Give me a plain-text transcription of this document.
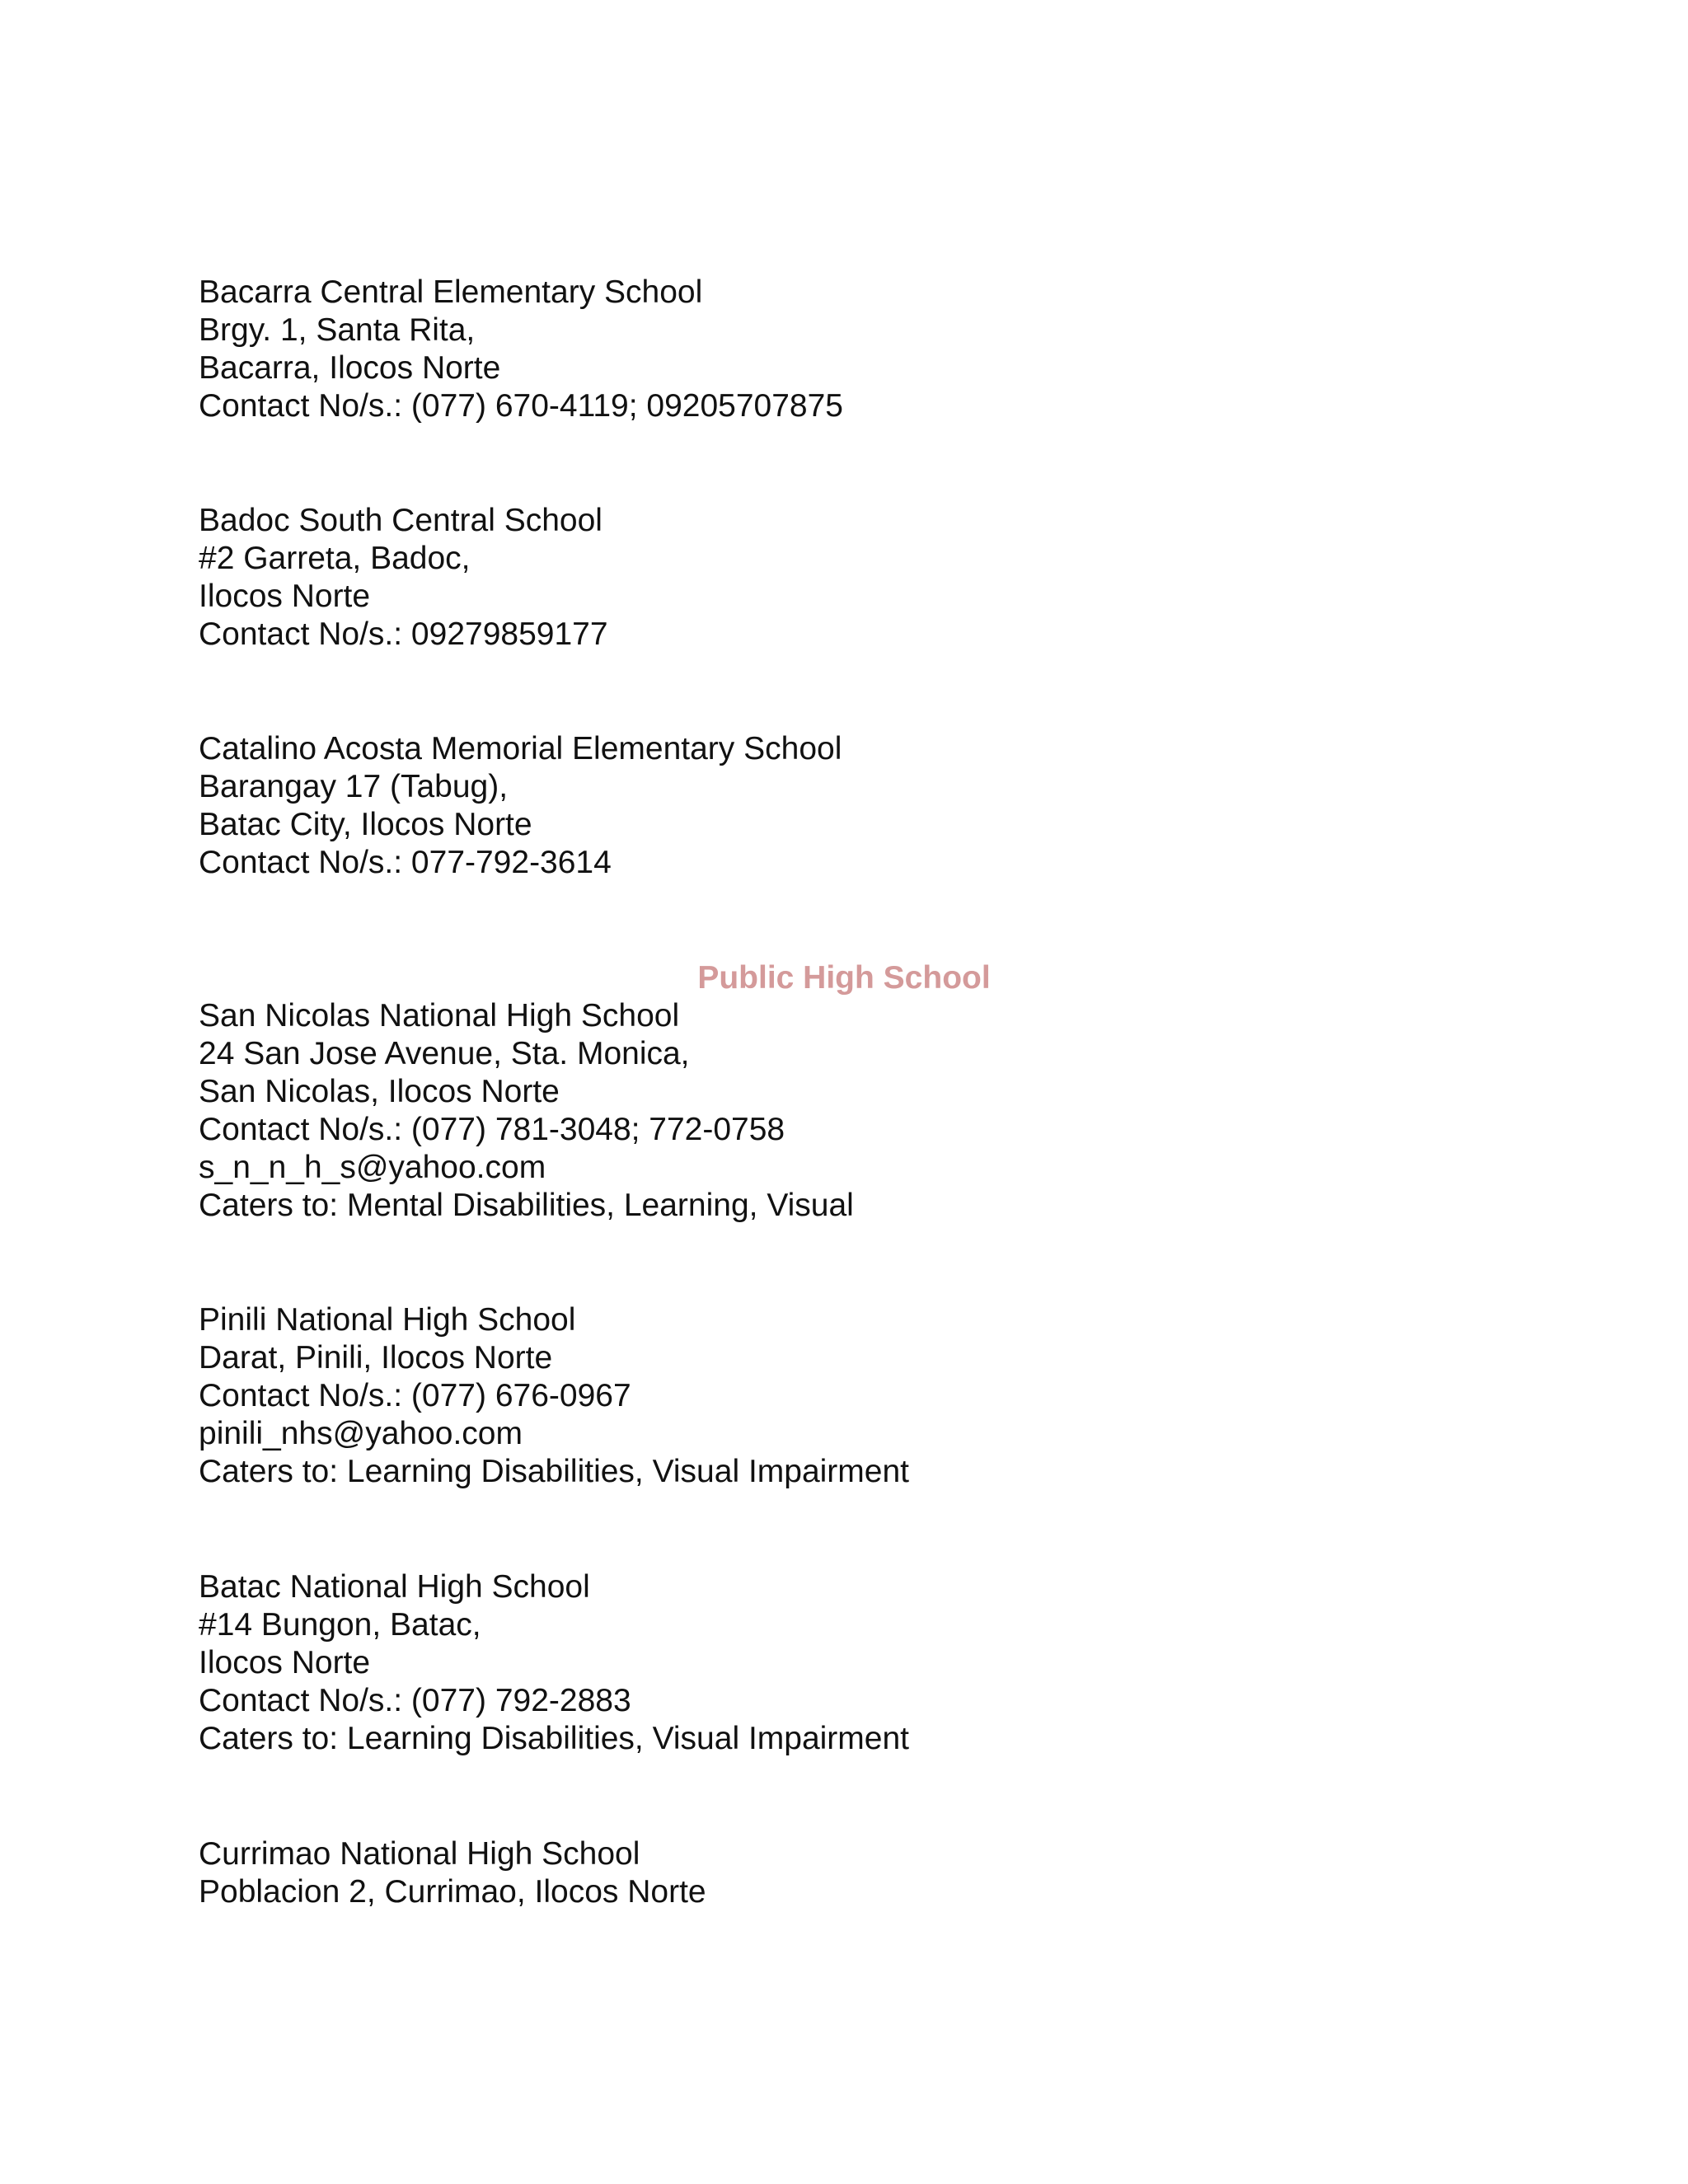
Bacarra Central Elementary School
Brgy. 1, Santa Rita,
Bacarra, Ilocos Norte
Contact No/s.: (077) 670-4119; 09205707875
Badoc South Central School
#2 Garreta, Badoc,
Ilocos Norte
Contact No/s.: 09279859177
Catalino Acosta Memorial Elementary School
Barangay 17 (Tabug),
Batac City, Ilocos Norte
Contact No/s.: 077-792-3614
Public High School
San Nicolas National High School
24 San Jose Avenue, Sta. Monica,
San Nicolas, Ilocos Norte
Contact No/s.: (077) 781-3048; 772-0758
s_n_n_h_s@yahoo.com
Caters to: Mental Disabilities, Learning, Visual
Pinili National High School
Darat, Pinili, Ilocos Norte
Contact No/s.: (077) 676-0967
pinili_nhs@yahoo.com
Caters to: Learning Disabilities, Visual Impairment
Batac National High School
#14 Bungon, Batac,
Ilocos Norte
Contact No/s.: (077) 792-2883
Caters to: Learning Disabilities, Visual Impairment
Currimao National High School
Poblacion 2, Currimao, Ilocos Norte
